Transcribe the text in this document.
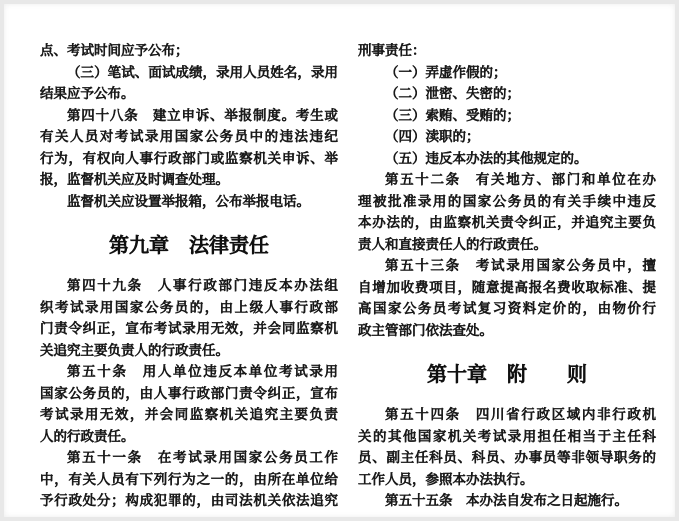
点、考试时间应予公布；
（三）笔试、面试成绩，录用人员姓名，录用
结果应予公布。
第四十八条　建立申诉、举报制度。考生或
有关人员对考试录用国家公务员中的违法违纪
行为，有权向人事行政部门或监察机关申诉、举
报，监督机关应及时调查处理。
监督机关应设置举报箱，公布举报电话。
第九章　法律责任
第四十九条　人事行政部门违反本办法组
织考试录用国家公务员的，由上级人事行政部
门责令纠正，宣布考试录用无效，并会同监察机
关追究主要负责人的行政责任。
第五十条　用人单位违反本单位考试录用
国家公务员的，由人事行政部门责令纠正，宣布
考试录用无效，并会同监察机关追究主要负责
人的行政责任。
第五十一条　在考试录用国家公务员工作
中，有关人员有下列行为之一的，由所在单位给
予行政处分；构成犯罪的，由司法机关依法追究
刑事责任：
（一）弄虚作假的；
（二）泄密、失密的；
（三）索贿、受贿的；
（四）渎职的；
（五）违反本办法的其他规定的。
第五十二条　有关地方、部门和单位在办
理被批准录用的国家公务员的有关手续中违反
本办法的，由监察机关责令纠正，并追究主要负
责人和直接责任人的行政责任。
第五十三条　考试录用国家公务员中，擅
自增加收费项目，随意提高报名费收取标准、提
高国家公务员考试复习资料定价的，由物价行
政主管部门依法查处。
第十章　附　　则
第五十四条　四川省行政区域内非行政机
关的其他国家机关考试录用担任相当于主任科
员、副主任科员、科员、办事员等非领导职务的
工作人员，参照本办法执行。
第五十五条　本办法自发布之日起施行。
